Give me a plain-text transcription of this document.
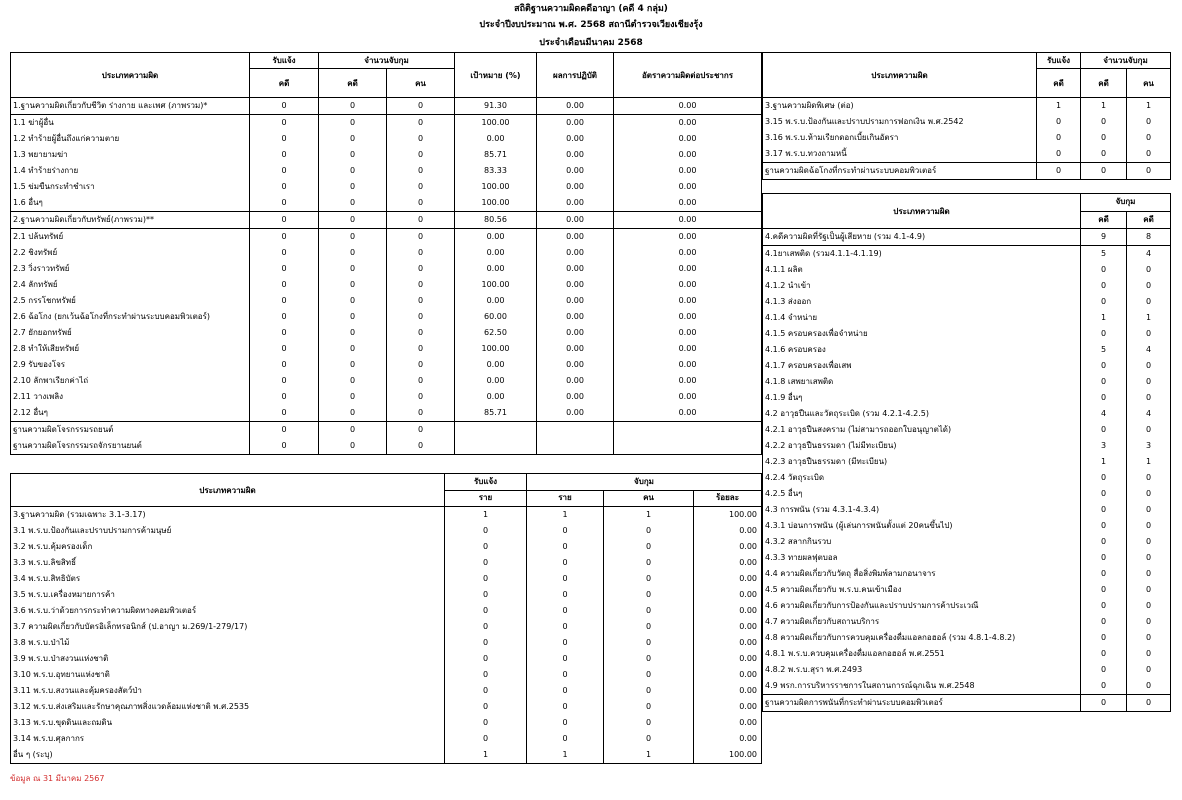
สถิติฐานความผิดคดีอาญา (คดี 4 กลุ่ม)
ประจำปีงบประมาณ พ.ศ. 2568 สถานีตำรวจเวียงเชียงรุ้ง
ประจำเดือนมีนาคม 2568
ประเภทความผิด	รับแจ้ง	จำนวนจับกุม		เป้าหมาย (%)	ผลการปฏิบัติ	อัตราความผิดต่อประชากร
	คดี	คดี	คน			
1.ฐานความผิดเกี่ยวกับชีวิต ร่างกาย และเพศ (ภาพรวม)*	0	0	0	91.30	0.00	0.00
1.1 ฆ่าผู้อื่น	0	0	0	100.00	0.00	0.00
1.2 ทำร้ายผู้อื่นถึงแก่ความตาย	0	0	0	0.00	0.00	0.00
1.3 พยายามฆ่า	0	0	0	85.71	0.00	0.00
1.4 ทำร้ายร่างกาย	0	0	0	83.33	0.00	0.00
1.5 ข่มขืนกระทำชำเรา	0	0	0	100.00	0.00	0.00
1.6 อื่นๆ	0	0	0	100.00	0.00	0.00
2.ฐานความผิดเกี่ยวกับทรัพย์(ภาพรวม)**	0	0	0	80.56	0.00	0.00
2.1 ปล้นทรัพย์	0	0	0	0.00	0.00	0.00
2.2 ชิงทรัพย์	0	0	0	0.00	0.00	0.00
2.3 วิ่งราวทรัพย์	0	0	0	0.00	0.00	0.00
2.4 ลักทรัพย์	0	0	0	100.00	0.00	0.00
2.5 กรรโชกทรัพย์	0	0	0	0.00	0.00	0.00
2.6 ฉ้อโกง (ยกเว้นฉ้อโกงที่กระทำผ่านระบบคอมพิวเตอร์)	0	0	0	60.00	0.00	0.00
2.7 ยักยอกทรัพย์	0	0	0	62.50	0.00	0.00
2.8 ทำให้เสียทรัพย์	0	0	0	100.00	0.00	0.00
2.9 รับของโจร	0	0	0	0.00	0.00	0.00
2.10 ลักพาเรียกค่าไถ่	0	0	0	0.00	0.00	0.00
2.11 วางเพลิง	0	0	0	0.00	0.00	0.00
2.12 อื่นๆ	0	0	0	85.71	0.00	0.00
ฐานความผิดโจรกรรมรถยนต์	0	0	0			
ฐานความผิดโจรกรรมรถจักรยานยนต์	0	0	0			
ประเภทความผิด	รับแจ้ง	จับกุม		
	ราย	ราย	คน	ร้อยละ
3.ฐานความผิด (รวมเฉพาะ 3.1-3.17)	1	1	1	100.00
3.1 พ.ร.บ.ป้องกันและปราบปรามการค้ามนุษย์	0	0	0	0.00
3.2 พ.ร.บ.คุ้มครองเด็ก	0	0	0	0.00
3.3 พ.ร.บ.ลิขสิทธิ์	0	0	0	0.00
3.4 พ.ร.บ.สิทธิบัตร	0	0	0	0.00
3.5 พ.ร.บ.เครื่องหมายการค้า	0	0	0	0.00
3.6 พ.ร.บ.ว่าด้วยการกระทำความผิดทางคอมพิวเตอร์	0	0	0	0.00
3.7 ความผิดเกี่ยวกับบัตรอิเล็กทรอนิกส์ (ป.อาญา ม.269/1-279/17)	0	0	0	0.00
3.8 พ.ร.บ.ป่าไม้	0	0	0	0.00
3.9 พ.ร.บ.ป่าสงวนแห่งชาติ	0	0	0	0.00
3.10 พ.ร.บ.อุทยานแห่งชาติ	0	0	0	0.00
3.11 พ.ร.บ.สงวนและคุ้มครองสัตว์ป่า	0	0	0	0.00
3.12 พ.ร.บ.ส่งเสริมและรักษาคุณภาพสิ่งแวดล้อมแห่งชาติ พ.ศ.2535	0	0	0	0.00
3.13 พ.ร.บ.ขุดดินและถมดิน	0	0	0	0.00
3.14 พ.ร.บ.ศุลกากร	0	0	0	0.00
อื่น ๆ (ระบุ)	1	1	1	100.00
ประเภทความผิด	รับแจ้ง	จำนวนจับกุม	
	คดี	คดี	คน
3.ฐานความผิดพิเศษ (ต่อ)	1	1	1
3.15 พ.ร.บ.ป้องกันและปราบปรามการฟอกเงิน พ.ศ.2542	0	0	0
3.16 พ.ร.บ.ห้ามเรียกดอกเบี้ยเกินอัตรา	0	0	0
3.17 พ.ร.บ.ทวงถามหนี้	0	0	0
ฐานความผิดฉ้อโกงที่กระทำผ่านระบบคอมพิวเตอร์	0	0	0
ประเภทความผิด	จับกุม	
	คดี	คดี
4.คดีความผิดที่รัฐเป็นผู้เสียหาย (รวม 4.1-4.9)	9	8
4.1ยาเสพติด (รวม4.1.1-4.1.19)	5	4
4.1.1 ผลิต	0	0
4.1.2 นำเข้า	0	0
4.1.3 ส่งออก	0	0
4.1.4 จำหน่าย	1	1
4.1.5 ครอบครองเพื่อจำหน่าย	0	0
4.1.6 ครอบครอง	5	4
4.1.7 ครอบครองเพื่อเสพ	0	0
4.1.8 เสพยาเสพติด	0	0
4.1.9 อื่นๆ	0	0
4.2 อาวุธปืนและวัตถุระเบิด (รวม 4.2.1-4.2.5)	4	4
4.2.1 อาวุธปืนสงคราม (ไม่สามารถออกใบอนุญาตได้)	0	0
4.2.2 อาวุธปืนธรรมดา (ไม่มีทะเบียน)	3	3
4.2.3 อาวุธปืนธรรมดา (มีทะเบียน)	1	1
4.2.4 วัตถุระเบิด	0	0
4.2.5 อื่นๆ	0	0
4.3 การพนัน (รวม 4.3.1-4.3.4)	0	0
4.3.1 บ่อนการพนัน (ผู้เล่นการพนันตั้งแต่ 20คนขึ้นไป)	0	0
4.3.2 สลากกินรวบ	0	0
4.3.3 ทายผลฟุตบอล	0	0
4.4 ความผิดเกี่ยวกับวัตถุ สื่อสิ่งพิมพ์ลามกอนาจาร	0	0
4.5 ความผิดเกี่ยวกับ พ.ร.บ.คนเข้าเมือง	0	0
4.6 ความผิดเกี่ยวกับการป้องกันและปราบปรามการค้าประเวณี	0	0
4.7 ความผิดเกี่ยวกับสถานบริการ	0	0
4.8 ความผิดเกี่ยวกับการควบคุมเครื่องดื่มแอลกอฮอล์ (รวม 4.8.1-4.8.2)	0	0
4.8.1 พ.ร.บ.ควบคุมเครื่องดื่มแอลกอฮอล์ พ.ศ.2551	0	0
4.8.2 พ.ร.บ.สุรา พ.ศ.2493	0	0
4.9 พรก.การบริหารราชการในสถานการณ์ฉุกเฉิน พ.ศ.2548	0	0
ฐานความผิดการพนันที่กระทำผ่านระบบคอมพิวเตอร์	0	0
ข้อมูล ณ 31 มีนาคม 2567
